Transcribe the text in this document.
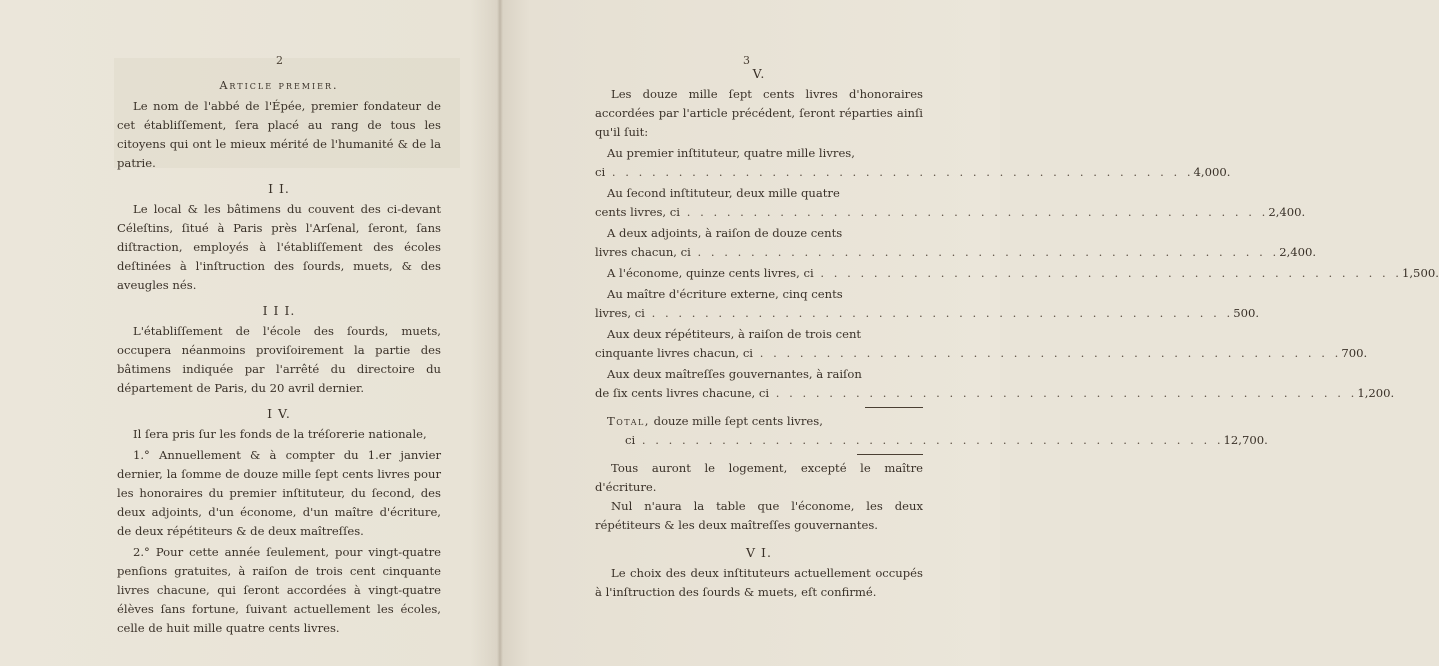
2
Article premier.

Le nom de l'abbé de l'Épée, premier fondateur de cet établiſſement, ſera placé au rang de tous les citoyens qui ont le mieux mérité de l'humanité & de la patrie.

I I.

Le local & les bâtimens du couvent des ci-devant Céleſtins, ſitué à Paris près l'Arſenal, ſeront, ſans diſtraction, employés à l'établiſſement des écoles deſtinées à l'inſtruction des ſourds, muets, & des aveugles nés.

I I I.

L'établiſſement de l'école des ſourds, muets, occupera néanmoins proviſoirement la partie des bâtimens indiquée par l'arrêté du directoire du département de Paris, du 20 avril dernier.

I V.

Il ſera pris ſur les fonds de la tréſorerie nationale,

1.° Annuellement & à compter du 1.er janvier dernier, la ſomme de douze mille ſept cents livres pour les honoraires du premier inſtituteur, du ſecond, des deux adjoints, d'un économe, d'un maître d'écriture, de deux répétiteurs & de deux maîtreſſes.

2.° Pour cette année ſeulement, pour vingt-quatre penſions gratuites, à raiſon de trois cent cinquante livres chacune, qui ſeront accordées à vingt-quatre élèves ſans fortune, ſuivant actuellement les écoles, celle de huit mille quatre cents livres.

3
V.

Les douze mille ſept cents livres d'honoraires accordées par l'article précédent, ſeront réparties ainſi qu'il ſuit:

Au premier inſtituteur, quatre mille livres,
ci . . . . . . . . . . . . . . . . . . . . . . . . . . . . . . . . . . . . . . . . . . . . 4,000.
Au ſecond inſtituteur, deux mille quatre
cents livres, ci . . . . . . . . . . . . . . . . . . . . . . . . . . . . . . . . . . . . . . . . . . . . 2,400.
A deux adjoints, à raiſon de douze cents
livres chacun, ci . . . . . . . . . . . . . . . . . . . . . . . . . . . . . . . . . . . . . . . . . . . . 2,400.
A l'économe, quinze cents livres, ci . . . . . . . . . . . . . . . . . . . . . . . . . . . . . . . . . . . . . . . . . . . . 1,500.
Au maître d'écriture externe, cinq cents
livres, ci . . . . . . . . . . . . . . . . . . . . . . . . . . . . . . . . . . . . . . . . . . . . 500.
Aux deux répétiteurs, à raiſon de trois cent
cinquante livres chacun, ci . . . . . . . . . . . . . . . . . . . . . . . . . . . . . . . . . . . . . . . . . . . . 700.
Aux deux maîtreſſes gouvernantes, à raiſon
de ſix cents livres chacune, ci . . . . . . . . . . . . . . . . . . . . . . . . . . . . . . . . . . . . . . . . . . . . 1,200.
Total, douze mille ſept cents livres,
ci . . . . . . . . . . . . . . . . . . . . . . . . . . . . . . . . . . . . . . . . . . . . 12,700.

Tous auront le logement, excepté le maître d'écriture.

Nul n'aura la table que l'économe, les deux répétiteurs & les deux maîtreſſes gouvernantes.

V I.

Le choix des deux inſtituteurs actuellement occupés à l'inſtruction des ſourds & muets, eſt confirmé.
